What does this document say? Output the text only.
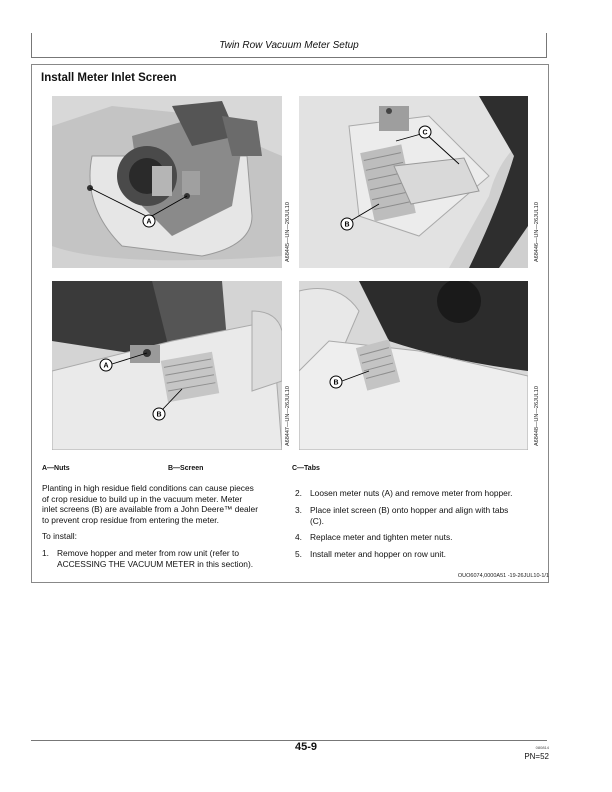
Twin Row Vacuum Meter Setup
Install Meter Inlet Screen
A	A68445—UN—26JUL10
C
B	A68446—UN—26JUL10
A
B	A68447—UN—26JUL10
B
A68448—UN—26JUL10
A—Nuts	B—Screen	C—Tabs
Planting in high residue field conditions can cause pieces
of crop residue to build up in the vacuum meter. Meter
inlet screens (B) are available from a John Deere™ dealer
to prevent crop residue from entering the meter.
To install:
1. Remove hopper and meter from row unit (refer to
ACCESSING THE VACUUM METER in this section).
2. Loosen meter nuts (A) and remove meter from hopper.
3. Place inlet screen (B) onto hopper and align with tabs
(C).
4. Replace meter and tighten meter nuts.
5. Install meter and hopper on row unit.
OUO6074,0000A51 -19-26JUL10-1/1
45-9	080814
PN=52
